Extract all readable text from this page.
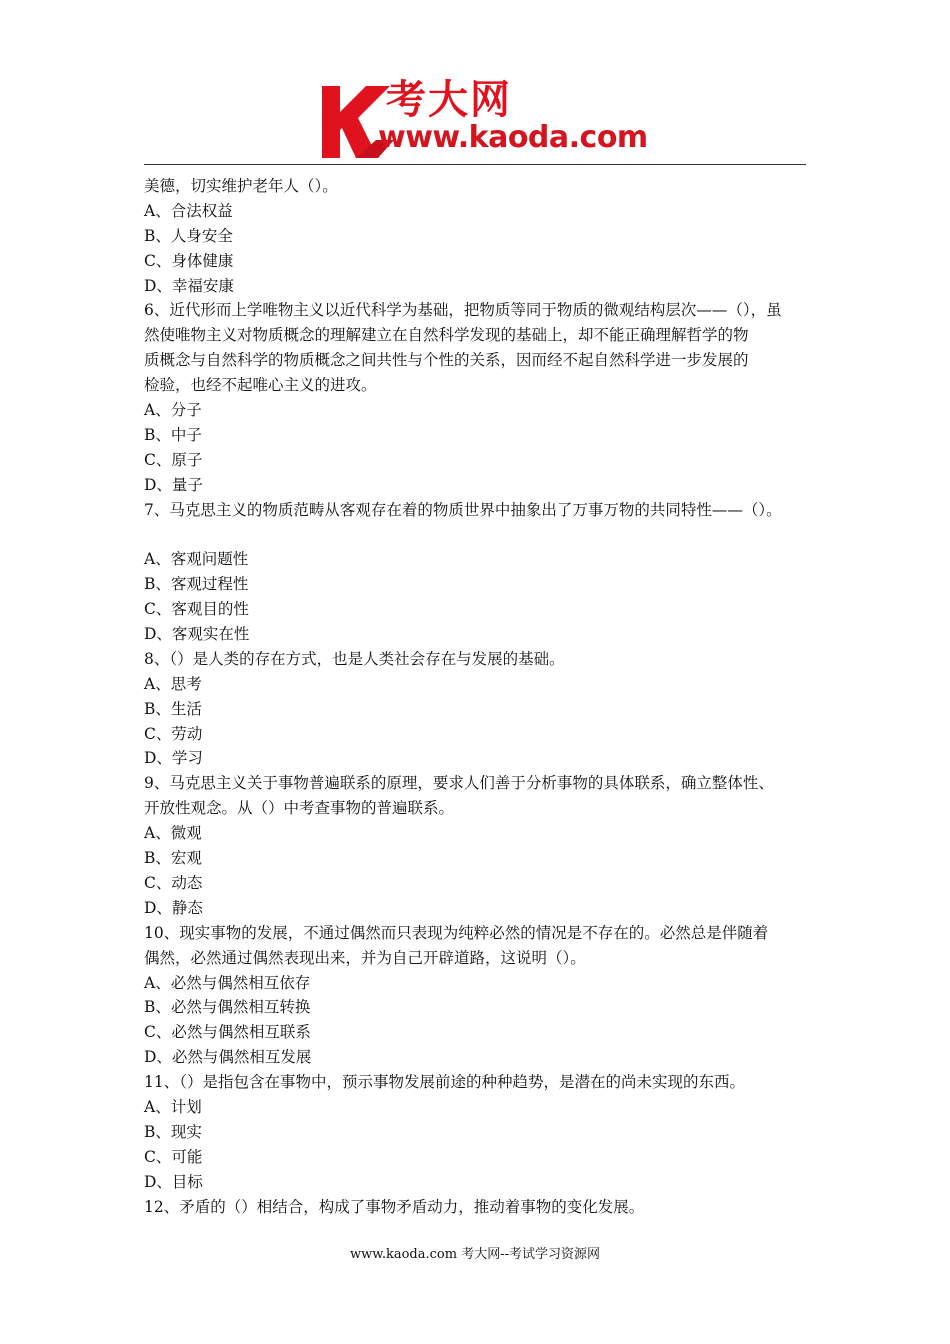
考大网
www.kaoda.com
美德，切实维护老年人（）。
A、合法权益
B、人身安全
C、身体健康
D、幸福安康
6、近代形而上学唯物主义以近代科学为基础，把物质等同于物质的微观结构层次——（），虽
然使唯物主义对物质概念的理解建立在自然科学发现的基础上，却不能正确理解哲学的物
质概念与自然科学的物质概念之间共性与个性的关系，因而经不起自然科学进一步发展的
检验，也经不起唯心主义的进攻。
A、分子
B、中子
C、原子
D、量子
7、马克思主义的物质范畴从客观存在着的物质世界中抽象出了万事万物的共同特性——（）。
A、客观问题性
B、客观过程性
C、客观目的性
D、客观实在性
8、（）是人类的存在方式，也是人类社会存在与发展的基础。
A、思考
B、生活
C、劳动
D、学习
9、马克思主义关于事物普遍联系的原理，要求人们善于分析事物的具体联系，确立整体性、
开放性观念。从（）中考查事物的普遍联系。
A、微观
B、宏观
C、动态
D、静态
10、现实事物的发展，不通过偶然而只表现为纯粹必然的情况是不存在的。必然总是伴随着
偶然，必然通过偶然表现出来，并为自己开辟道路，这说明（）。
A、必然与偶然相互依存
B、必然与偶然相互转换
C、必然与偶然相互联系
D、必然与偶然相互发展
11、（）是指包含在事物中，预示事物发展前途的种种趋势，是潜在的尚未实现的东西。
A、计划
B、现实
C、可能
D、目标
12、矛盾的（）相结合，构成了事物矛盾动力，推动着事物的变化发展。
www.kaoda.com 考大网--考试学习资源网
